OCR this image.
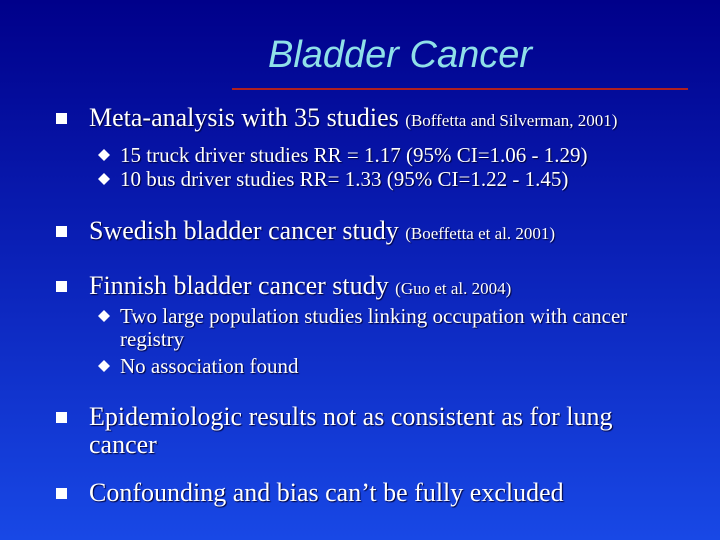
Bladder Cancer
Meta-analysis with 35 studies (Boffetta and Silverman, 2001)
15 truck driver studies RR = 1.17 (95% CI=1.06 - 1.29)
10 bus driver studies RR= 1.33 (95% CI=1.22 - 1.45)
Swedish bladder cancer study (Boeffetta et al. 2001)
Finnish bladder cancer study (Guo et al. 2004)
Two large population studies linking occupation with cancer
registry
No association found
Epidemiologic results not as consistent as for lung
cancer
Confounding and bias can’t be fully excluded
